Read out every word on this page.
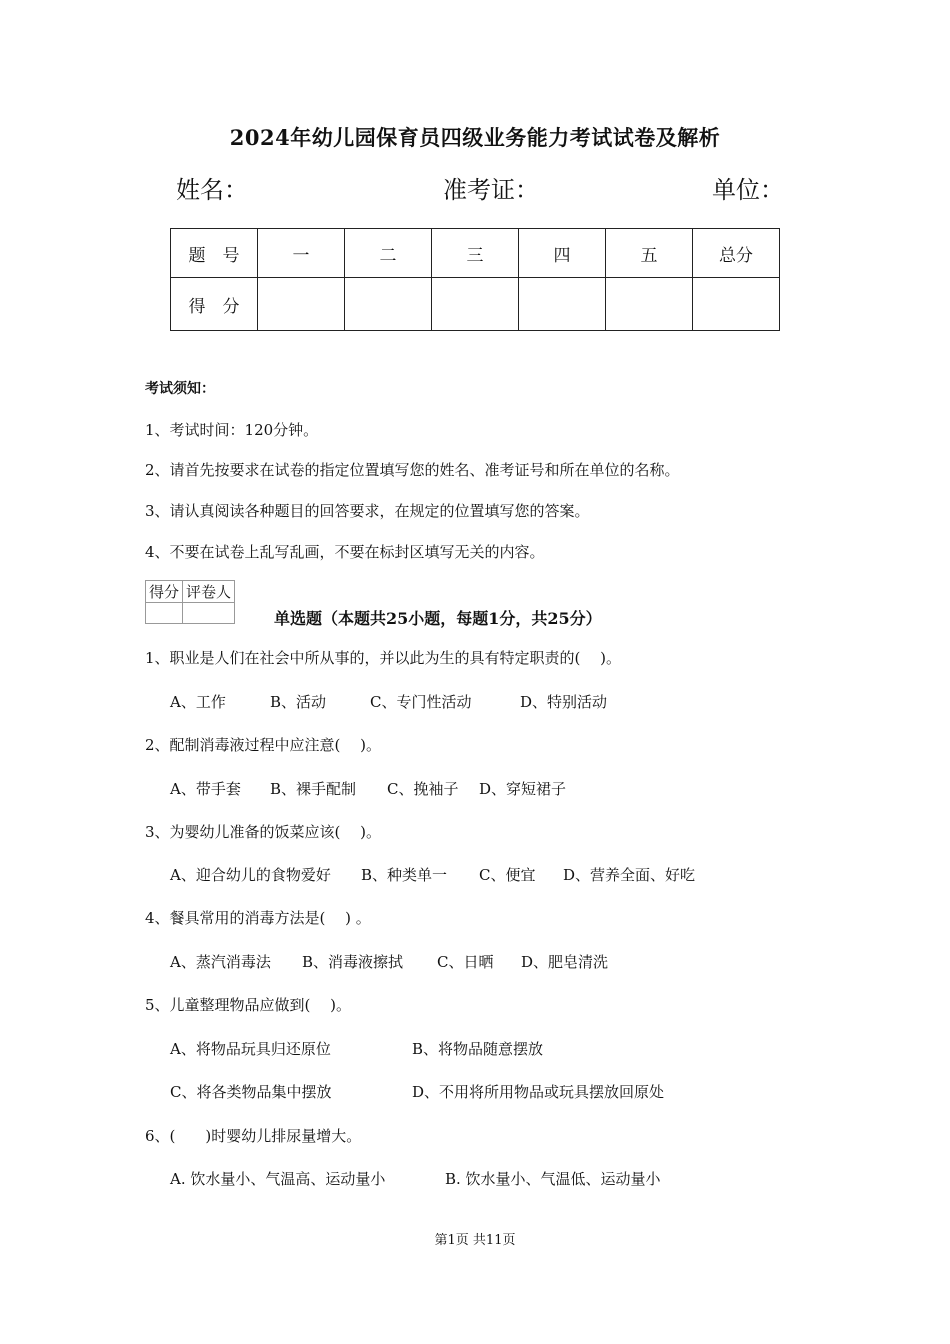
2024年幼儿园保育员四级业务能力考试试卷及解析
姓名：	准考证：	单位：
题　号	一	二	三	四	五	总分
得　分						
考试须知：
1、考试时间：120分钟。
2、请首先按要求在试卷的指定位置填写您的姓名、准考证号和所在单位的名称。
3、请认真阅读各种题目的回答要求，在规定的位置填写您的答案。
4、不要在试卷上乱写乱画，不要在标封区填写无关的内容。
得分	评卷人

单选题（本题共25小题，每题1分，共25分）
1、职业是人们在社会中所从事的，并以此为生的具有特定职责的(　 )。
A、工作	B、活动	C、专门性活动	D、特别活动
2、配制消毒液过程中应注意(　 )。
A、带手套 B、裸手配制 C、挽袖子 D、穿短裙子
3、为婴幼儿准备的饭菜应该(　 )。
A、迎合幼儿的食物爱好 B、种类单一 C、便宜 D、营养全面、好吃
4、餐具常用的消毒方法是(　 ) 。
A、蒸汽消毒法 B、消毒液擦拭 C、日晒 D、肥皂清洗
5、儿童整理物品应做到(　 )。
A、将物品玩具归还原位	B、将物品随意摆放
C、将各类物品集中摆放	D、不用将所用物品或玩具摆放回原处
6、(　　)时婴幼儿排尿量增大。
A. 饮水量小、气温高、运动量小	B. 饮水量小、气温低、运动量小
第1页 共11页
